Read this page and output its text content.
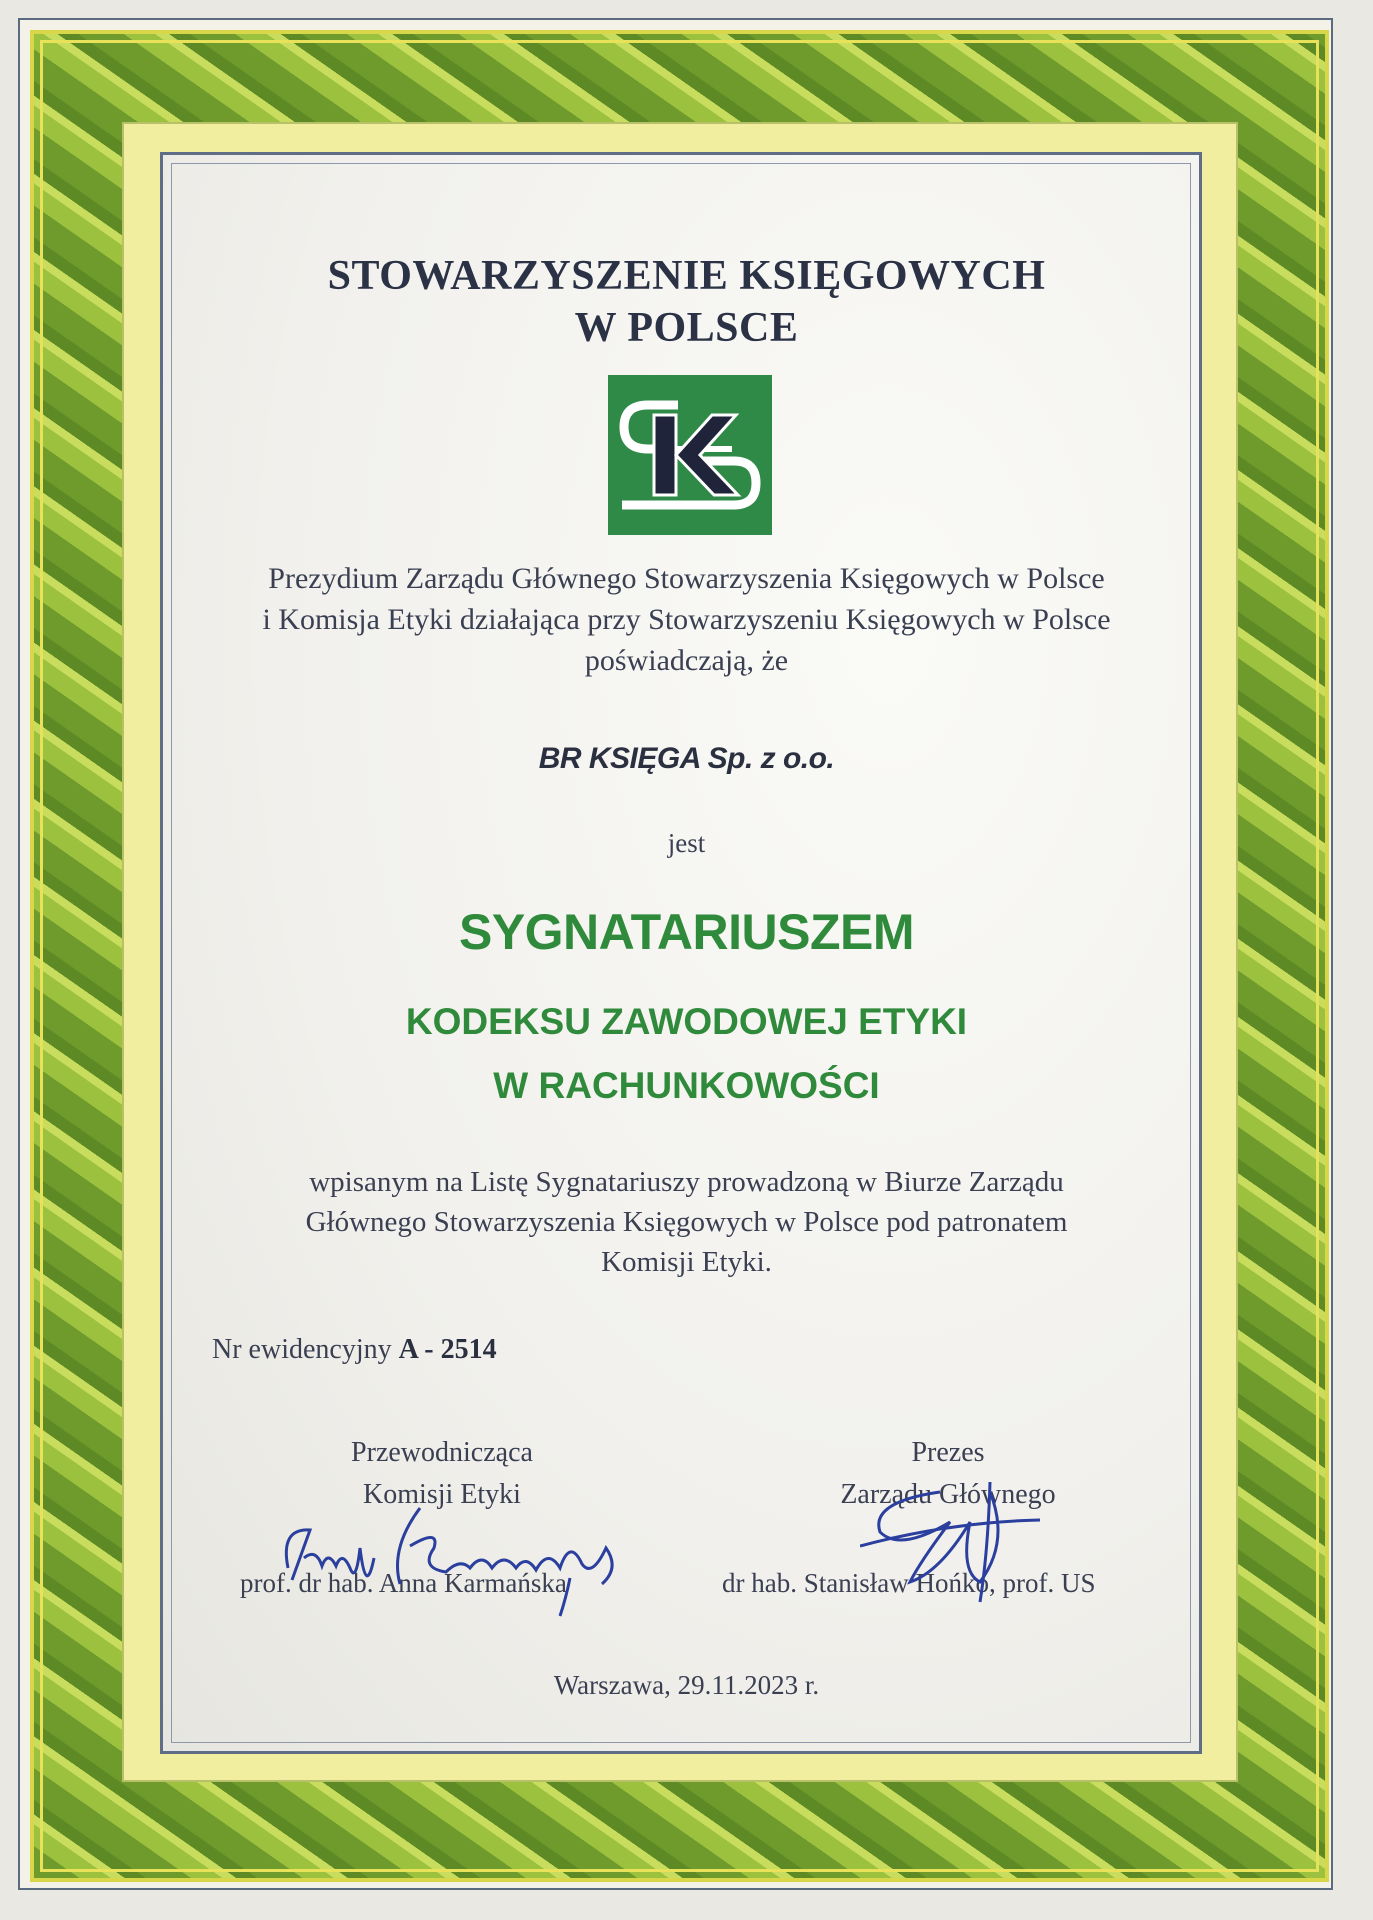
STOWARZYSZENIE KSIĘGOWYCH
W POLSCE
Prezydium Zarządu Głównego Stowarzyszenia Księgowych w Polsce
i Komisja Etyki działająca przy Stowarzyszeniu Księgowych w Polsce
poświadczają, że
BR KSIĘGA Sp. z o.o.
jest
SYGNATARIUSZEM
KODEKSU ZAWODOWEJ ETYKI
W RACHUNKOWOŚCI
wpisanym na Listę Sygnatariuszy prowadzoną w Biurze Zarządu
Głównego Stowarzyszenia Księgowych w Polsce pod patronatem
Komisji Etyki.
Nr ewidencyjny A - 2514
Przewodnicząca
Komisji Etyki
Prezes
Zarządu Głównego
prof. dr hab. Anna Karmańska	dr hab. Stanisław Hońko, prof. US
Warszawa, 29.11.2023 r.
